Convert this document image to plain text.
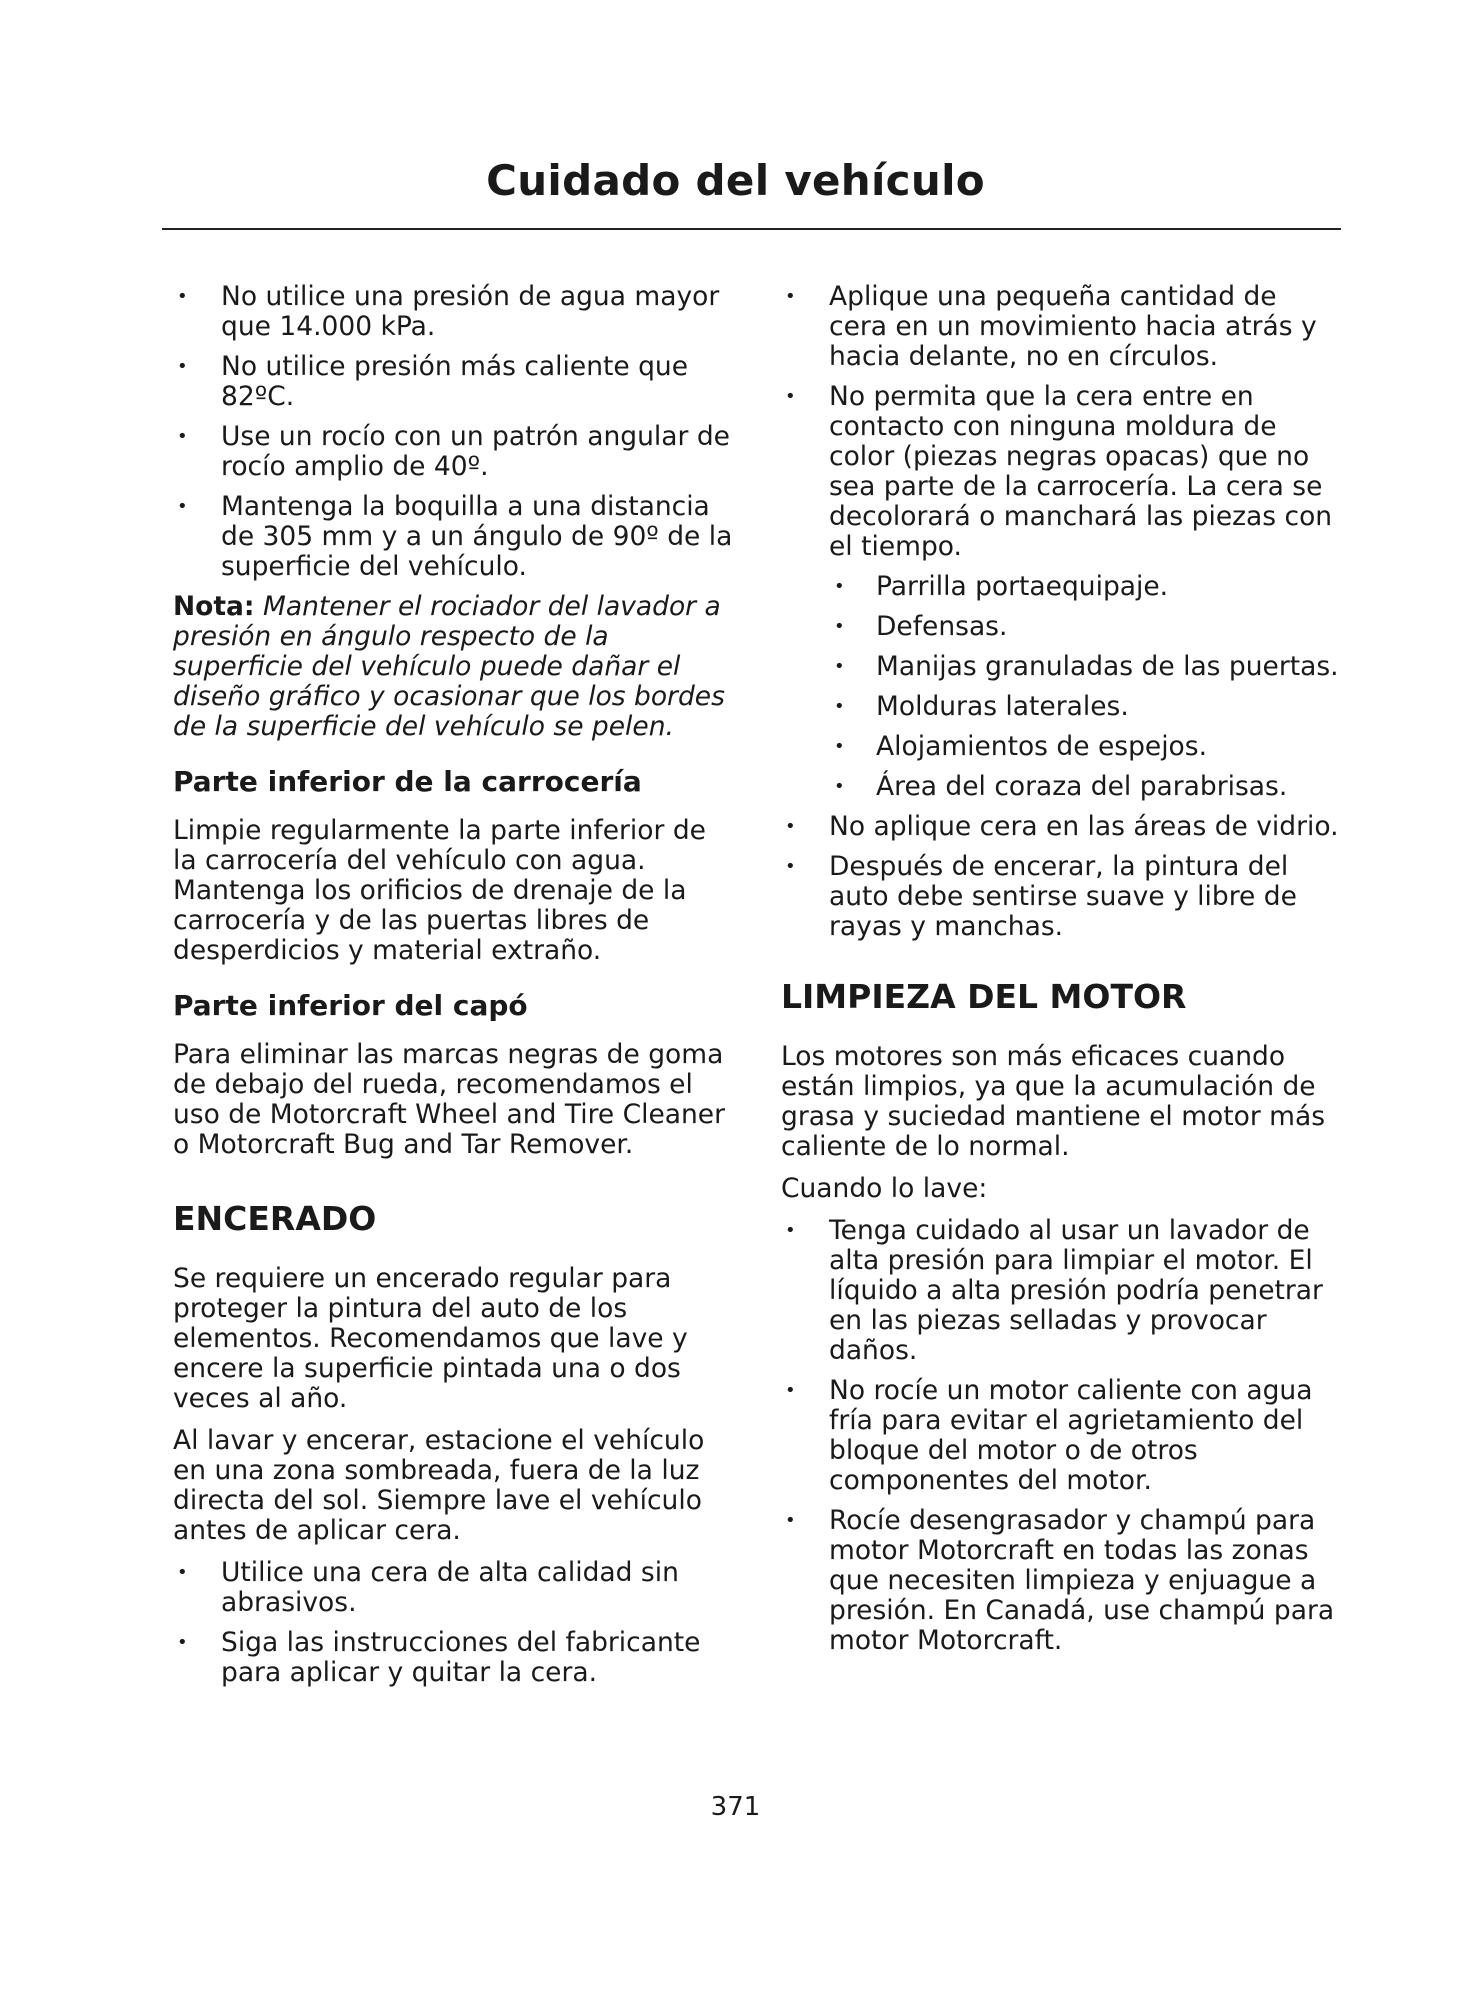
Cuidado del vehículo
• No utilice una presión de agua mayor que 14.000 kPa.
• No utilice presión más caliente que 82ºC.
• Use un rocío con un patrón angular de rocío amplio de 40º.
• Mantenga la boquilla a una distancia de 305 mm y a un ángulo de 90º de la superficie del vehículo.

Nota: Mantener el rociador del lavador a presión en ángulo respecto de la superficie del vehículo puede dañar el diseño gráfico y ocasionar que los bordes de la superficie del vehículo se pelen.

Parte inferior de la carrocería

Limpie regularmente la parte inferior de la carrocería del vehículo con agua. Mantenga los orificios de drenaje de la carrocería y de las puertas libres de desperdicios y material extraño.

Parte inferior del capó

Para eliminar las marcas negras de goma de debajo del rueda, recomendamos el uso de Motorcraft Wheel and Tire Cleaner o Motorcraft Bug and Tar Remover.

ENCERADO

Se requiere un encerado regular para proteger la pintura del auto de los elementos. Recomendamos que lave y encere la superficie pintada una o dos veces al año.

Al lavar y encerar, estacione el vehículo en una zona sombreada, fuera de la luz directa del sol. Siempre lave el vehículo antes de aplicar cera.

• Utilice una cera de alta calidad sin abrasivos.
• Siga las instrucciones del fabricante para aplicar y quitar la cera.
• Aplique una pequeña cantidad de cera en un movimiento hacia atrás y hacia delante, no en círculos.
• No permita que la cera entre en contacto con ninguna moldura de color (piezas negras opacas) que no sea parte de la carrocería. La cera se decolorará o manchará las piezas con el tiempo.
• Parrilla portaequipaje.
• Defensas.
• Manijas granuladas de las puertas.
• Molduras laterales.
• Alojamientos de espejos.
• Área del coraza del parabrisas.
• No aplique cera en las áreas de vidrio.
• Después de encerar, la pintura del auto debe sentirse suave y libre de rayas y manchas.
LIMPIEZA DEL MOTOR

Los motores son más eficaces cuando están limpios, ya que la acumulación de grasa y suciedad mantiene el motor más caliente de lo normal.

Cuando lo lave:

• Tenga cuidado al usar un lavador de alta presión para limpiar el motor. El líquido a alta presión podría penetrar en las piezas selladas y provocar daños.
• No rocíe un motor caliente con agua fría para evitar el agrietamiento del bloque del motor o de otros componentes del motor.
• Rocíe desengrasador y champú para motor Motorcraft en todas las zonas que necesiten limpieza y enjuague a presión. En Canadá, use champú para motor Motorcraft.
371
